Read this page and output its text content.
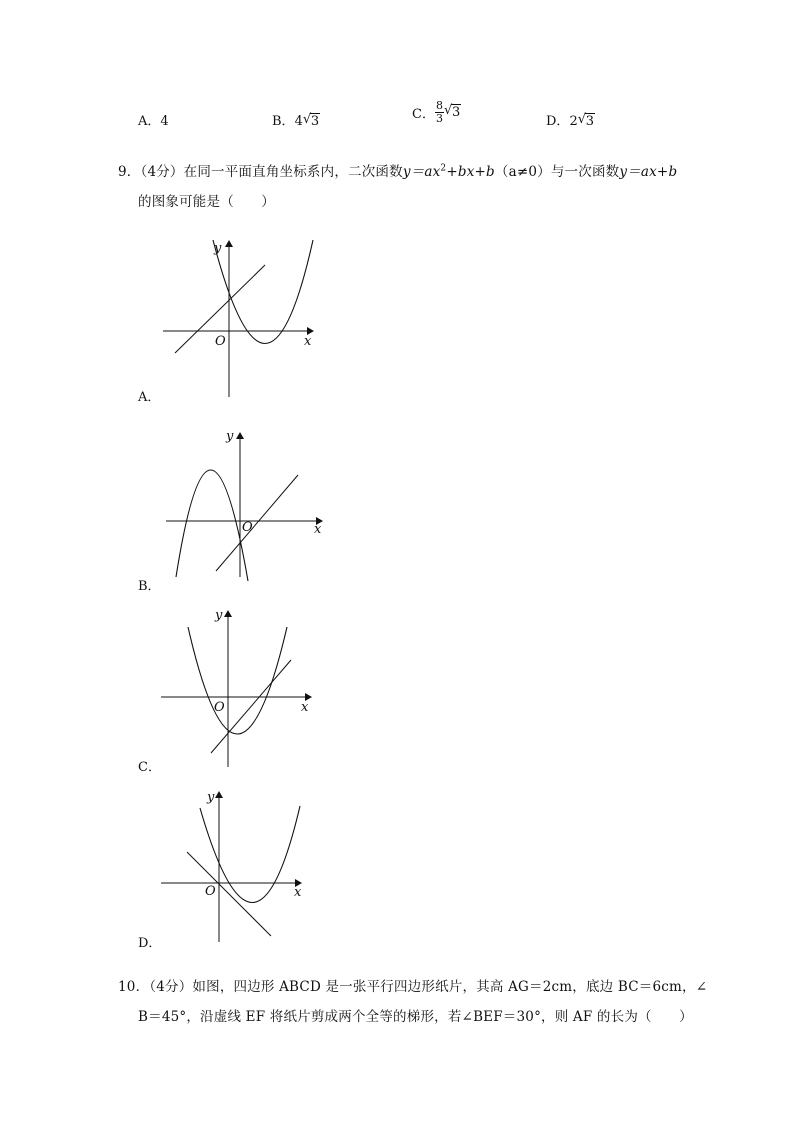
A．4	B．4 √ 3	C． $\frac{8}{3}$ √ 3
D．2 √ 3
9．（4分）在同一平面直角坐标系内，二次函数$y=ax^2+bx+b(a\ne 0)$与一次函数y＝ax+b
的图象可能是（　　）
y
x
O
A．
y
x
O
B．
y
x
O
C．
y
x
O
D．
10．（4分）如图，四边形 ABCD 是一张平行四边形纸片，其高 AG＝2cm，底边 BC＝6cm，∠
B＝45°，沿虚线 EF 将纸片剪成两个全等的梯形，若∠BEF＝30°，则 AF 的长为（　　）
